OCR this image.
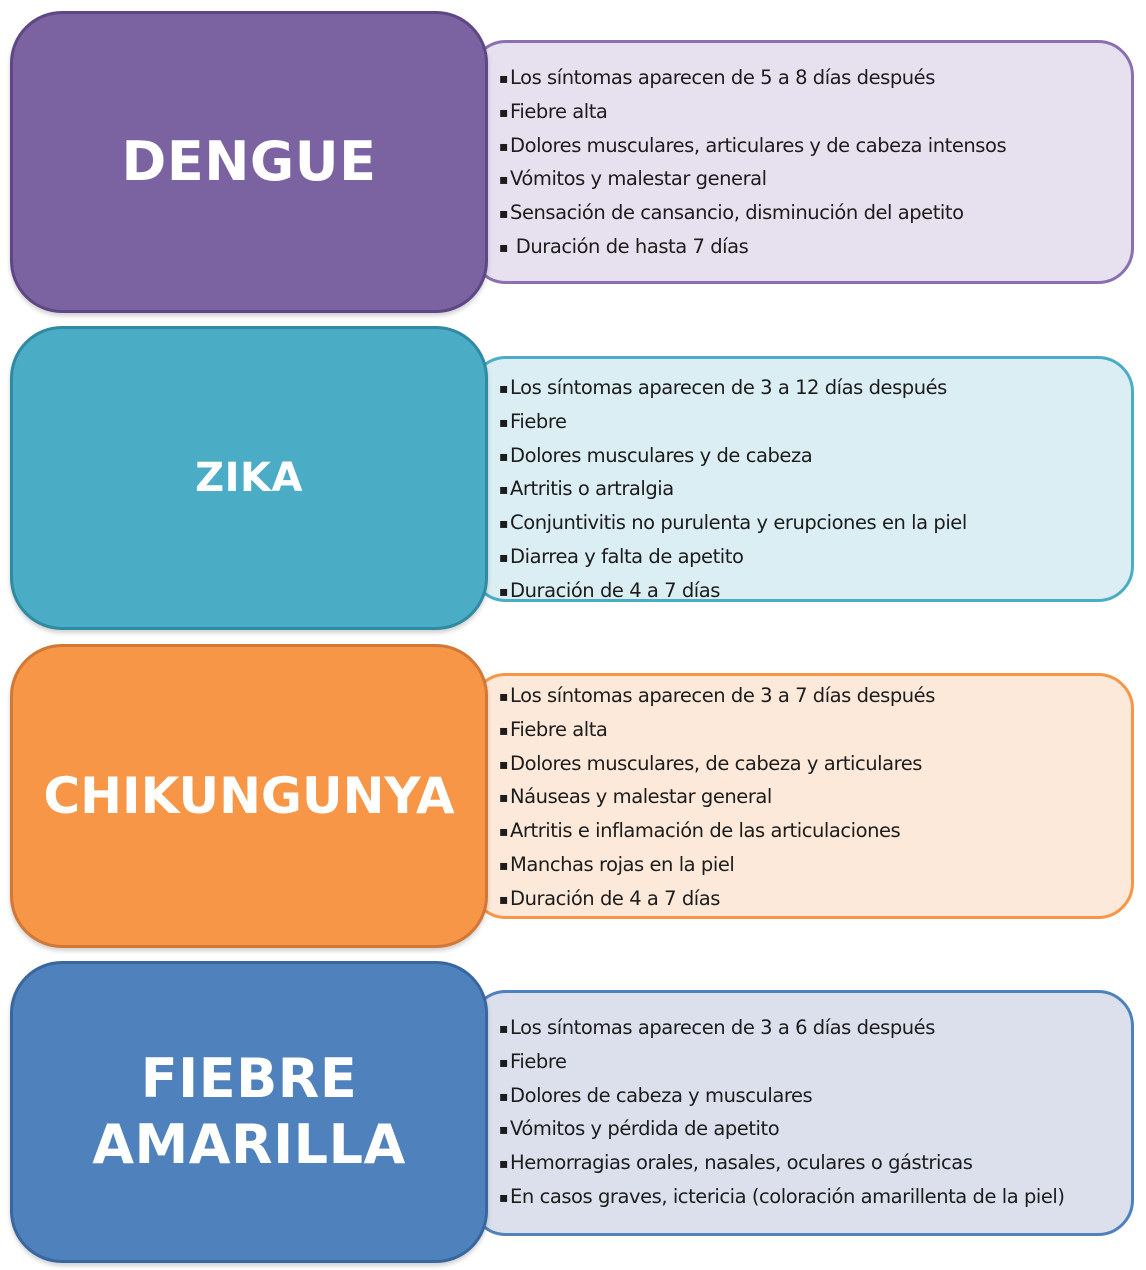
▪ Los síntomas aparecen de 5 a 8 días después
▪ Fiebre alta
▪ Dolores musculares, articulares y de cabeza intensos
▪ Vómitos y malestar general
▪ Sensación de cansancio, disminución del apetito
▪ Duración de hasta 7 días
DENGUE
▪ Los síntomas aparecen de 3 a 12 días después
▪ Fiebre
▪ Dolores musculares y de cabeza
▪ Artritis o artralgia
▪ Conjuntivitis no purulenta y erupciones en la piel
▪ Diarrea y falta de apetito
▪ Duración de 4 a 7 días
ZIKA
▪ Los síntomas aparecen de 3 a 7 días después
▪ Fiebre alta
▪ Dolores musculares, de cabeza y articulares
▪ Náuseas y malestar general
▪ Artritis e inflamación de las articulaciones
▪ Manchas rojas en la piel
▪ Duración de 4 a 7 días
CHIKUNGUNYA
▪ Los síntomas aparecen de 3 a 6 días después
▪ Fiebre
▪ Dolores de cabeza y musculares
▪ Vómitos y pérdida de apetito
▪ Hemorragias orales, nasales, oculares o gástricas
▪ En casos graves, ictericia (coloración amarillenta de la piel)
FIEBRE
AMARILLA
